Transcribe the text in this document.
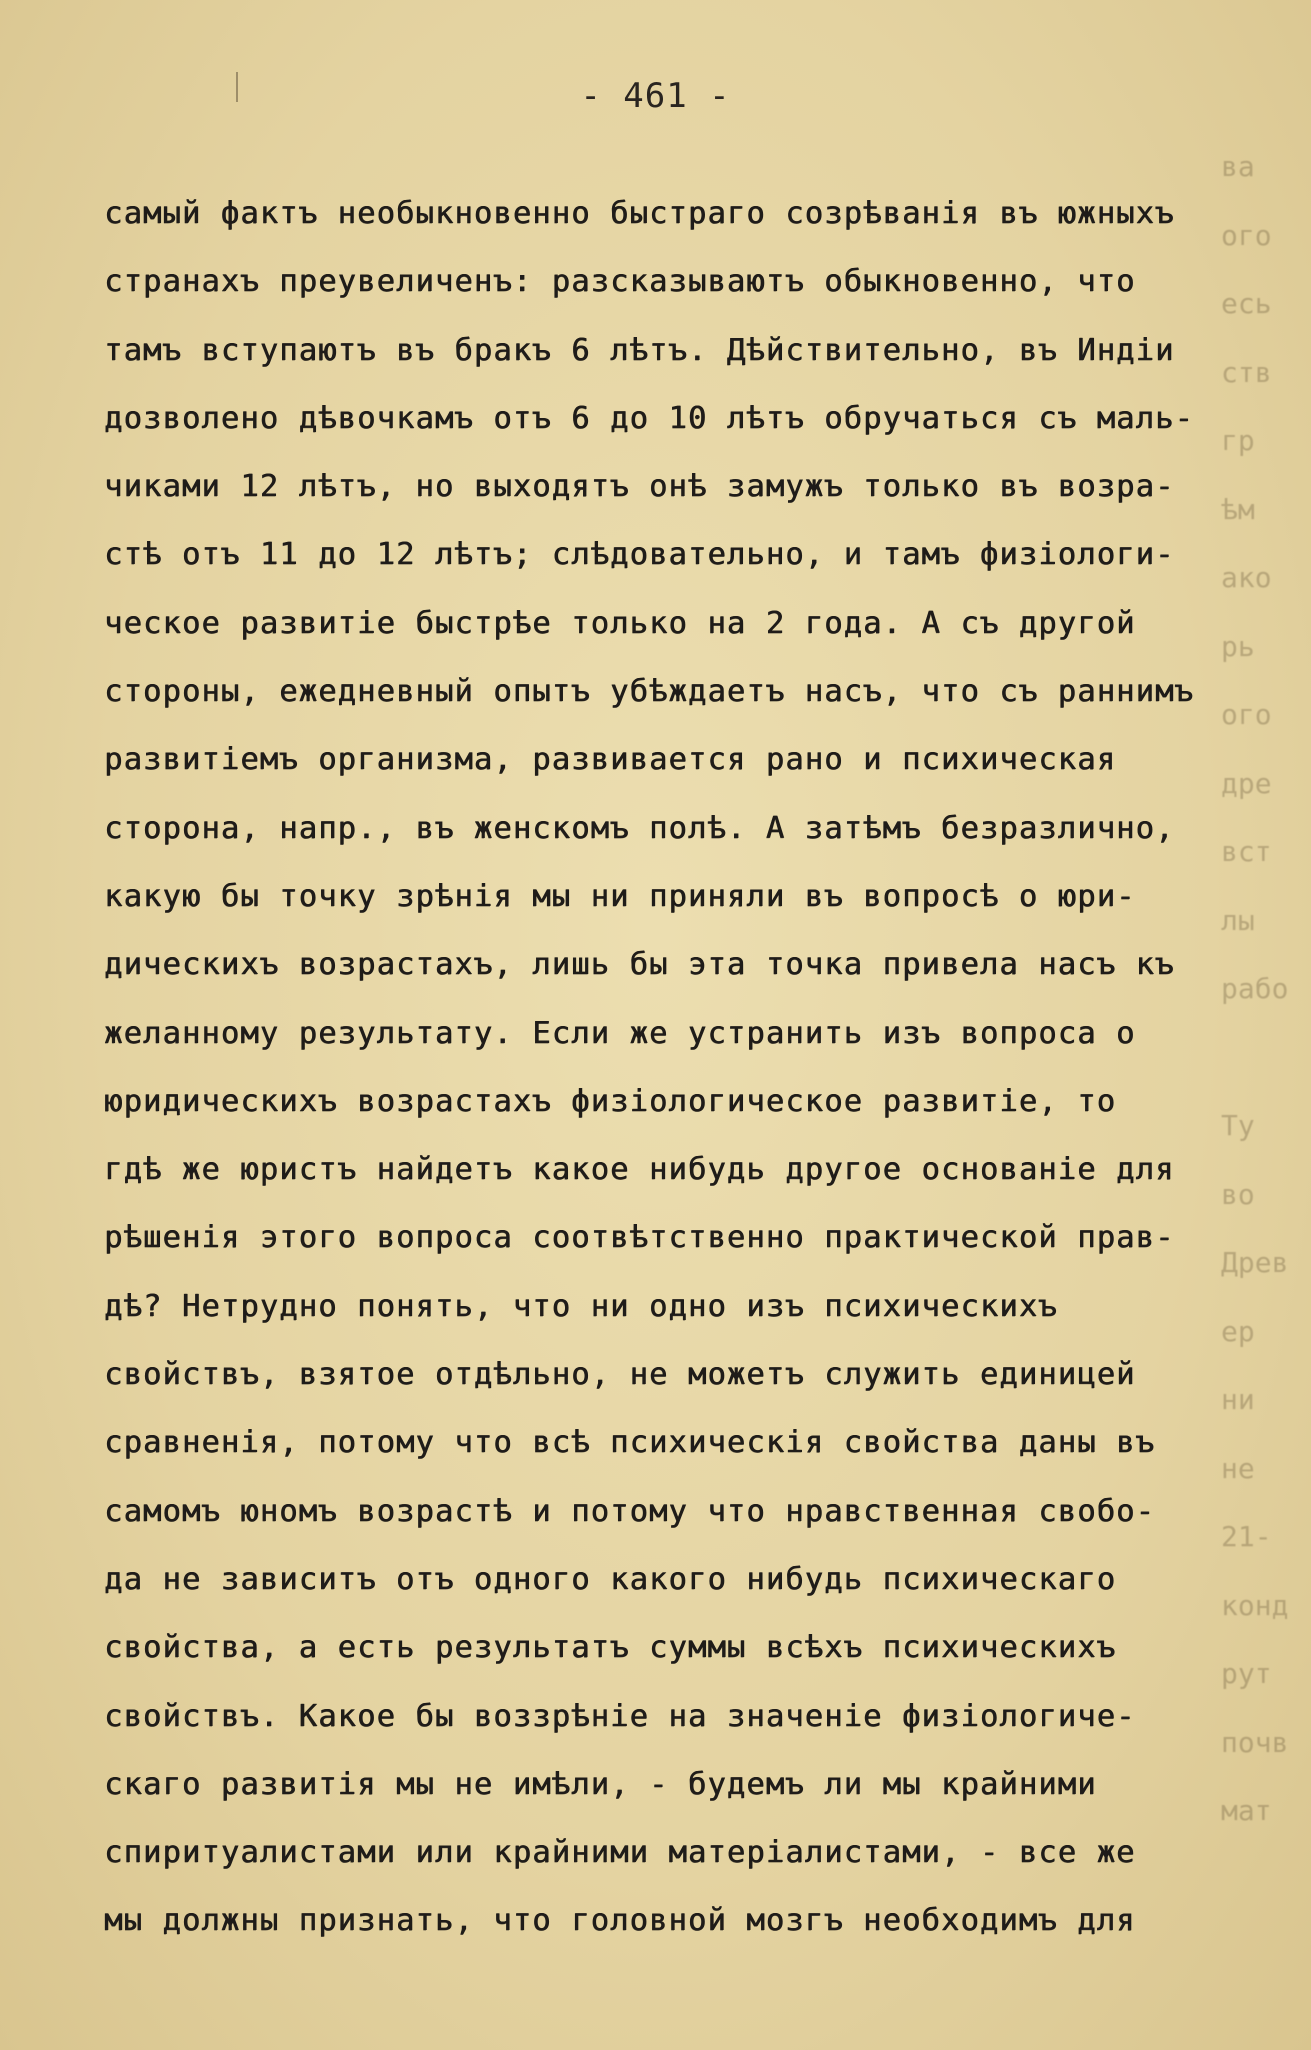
ва
ого
есь
ств
гр
ѣм
ако
рь
ого
дре
вст
лы
рабо
Ту
во
Древ
ер
ни
не
21-
конд
рут
почв
мат
- 461 -
самый фактъ необыкновенно быстраго созрѣванія въ южныхъ
странахъ преувеличенъ: разсказываютъ обыкновенно, что
тамъ вступаютъ въ бракъ 6 лѣтъ. Дѣйствительно, въ Индіи
дозволено дѣвочкамъ отъ 6 до 10 лѣтъ обручаться съ маль-
чиками 12 лѣтъ, но выходятъ онѣ замужъ только въ возра-
стѣ отъ 11 до 12 лѣтъ; слѣдовательно, и тамъ физіологи-
ческое развитіе быстрѣе только на 2 года. А съ другой
стороны, ежедневный опытъ убѣждаетъ насъ, что съ раннимъ
развитіемъ организма, развивается рано и психическая
сторона, напр., въ женскомъ полѣ. А затѣмъ безразлично,
какую бы точку зрѣнія мы ни приняли въ вопросѣ о юри-
дическихъ возрастахъ, лишь бы эта точка привела насъ къ
желанному результату. Если же устранить изъ вопроса о
юридическихъ возрастахъ физіологическое развитіе, то
гдѣ же юристъ найдетъ какое нибудь другое основаніе для
рѣшенія этого вопроса соотвѣтственно практической прав-
дѣ? Нетрудно понять, что ни одно изъ психическихъ
свойствъ, взятое отдѣльно, не можетъ служить единицей
сравненія, потому что всѣ психическія свойства даны въ
самомъ юномъ возрастѣ и потому что нравственная свобо-
да не зависитъ отъ одного какого нибудь психическаго
свойства, а есть результатъ суммы всѣхъ психическихъ
свойствъ. Какое бы воззрѣніе на значеніе физіологиче-
скаго развитія мы не имѣли, - будемъ ли мы крайними
спиритуалистами или крайними матеріалистами, - все же
мы должны признать, что головной мозгъ необходимъ для
